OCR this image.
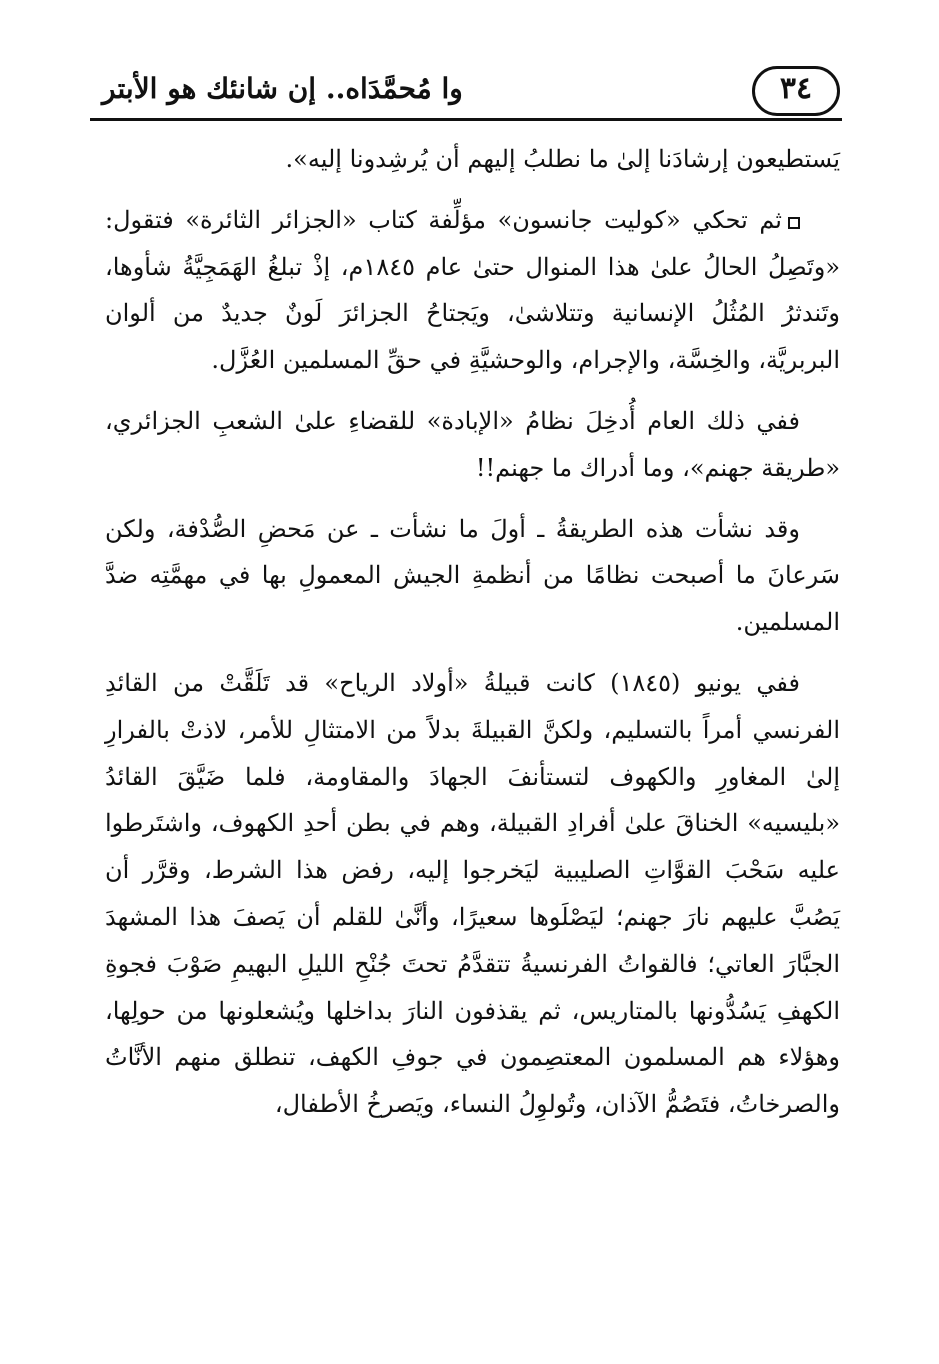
وا مُحمَّدَاه.. إن شانئك هو الأبتر	٣٤

يَستطيعون إرشادَنا إلىٰ ما نطلبُ إليهم أن يُرشِدونا إليه».

ثم تحكي «كوليت جانسون» مؤلِّفة كتاب «الجزائر الثائرة» فتقول: «وتَصِلُ الحالُ علىٰ هذا المنوال حتىٰ عام ١٨٤٥م، إذْ تبلغُ الهَمَجِيَّةُ شأوها، وتَندثرُ المُثُلُ الإنسانية وتتلاشىٰ، ويَجتاحُ الجزائرَ لَونٌ جديدٌ من ألوان البربريَّة، والخِسَّة، والإجرام، والوحشيَّةِ في حقِّ المسلمين العُزَّل.

ففي ذلك العام أُدخِلَ نظامُ «الإبادة» للقضاءِ علىٰ الشعبِ الجزائري، «طريقة جهنم»، وما أدراك ما جهنم!!

وقد نشأت هذه الطريقةُ ـ أولَ ما نشأت ـ عن مَحضِ الصُّدْفة، ولكن سَرعانَ ما أصبحت نظامًا من أنظمةِ الجيش المعمولِ بها في مهمَّتِه ضدَّ المسلمين.

ففي يونيو (١٨٤٥) كانت قبيلةُ «أولاد الرياح» قد تَلَقَّتْ من القائدِ الفرنسي أمراً بالتسليم، ولكنَّ القبيلةَ بدلاً من الامتثالِ للأمر، لاذتْ بالفرارِ إلىٰ المغاورِ والكهوف لتستأنفَ الجهادَ والمقاومة، فلما ضَيَّقَ القائدُ «بليسيه» الخناقَ علىٰ أفرادِ القبيلة، وهم في بطن أحدِ الكهوف، واشتَرطوا عليه سَحْبَ القوَّاتِ الصليبية ليَخرجوا إليه، رفض هذا الشرط، وقرَّر أن يَصُبَّ عليهم نارَ جهنم؛ ليَصْلَوها سعيرًا، وأنَّىٰ للقلم أن يَصفَ هذا المشهدَ الجبَّارَ العاتي؛ فالقواتُ الفرنسيةُ تتقدَّمُ تحتَ جُنْحِ الليلِ البهيمِ صَوْبَ فجوةِ الكهفِ يَسُدُّونها بالمتاريس، ثم يقذفون النارَ بداخلها ويُشعلونها من حولِها، وهؤلاء هم المسلمون المعتصِمون في جوفِ الكهف، تنطلق منهم الأنَّاتُ والصرخاتُ، فتَصُمُّ الآذان، وتُولوِلُ النساء، ويَصرخُ الأطفال،
